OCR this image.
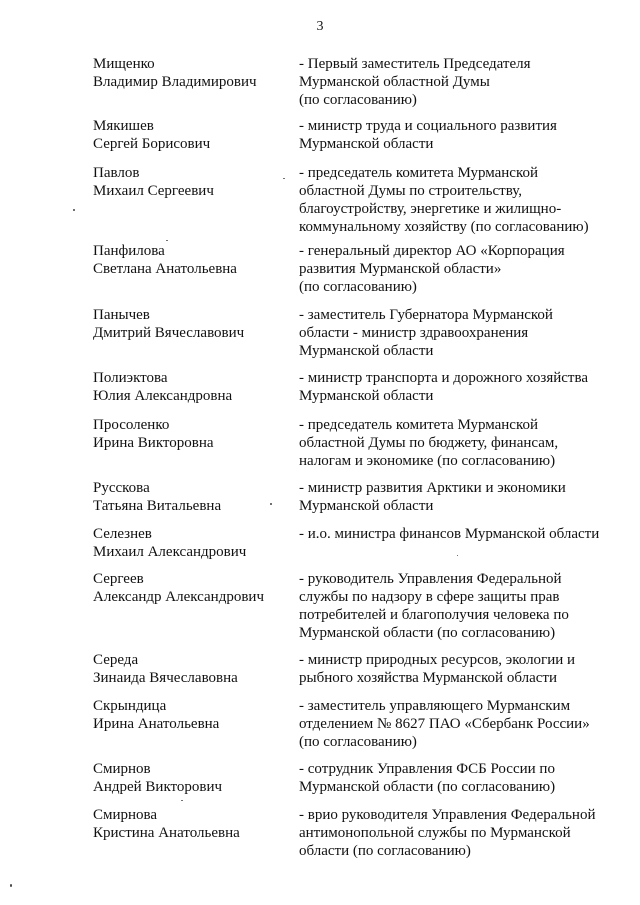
3
Мищенко
Владимир Владимирович
- Первый заместитель Председателя
Мурманской областной Думы
(по согласованию)
Мякишев
Сергей Борисович
- министр труда и социального развития
Мурманской области
Павлов
Михаил Сергеевич
- председатель комитета Мурманской
областной Думы по строительству,
благоустройству, энергетике и жилищно-
коммунальному хозяйству (по согласованию)
Панфилова
Светлана Анатольевна
- генеральный директор АО «Корпорация
развития Мурманской области»
(по согласованию)
Панычев
Дмитрий Вячеславович
- заместитель Губернатора Мурманской
области - министр здравоохранения
Мурманской области
Полиэктова
Юлия Александровна
- министр транспорта и дорожного хозяйства
Мурманской области
Просоленко
Ирина Викторовна
- председатель комитета Мурманской
областной Думы по бюджету, финансам,
налогам и экономике (по согласованию)
Русскова
Татьяна Витальевна
- министр развития Арктики и экономики
Мурманской области
Селезнев
Михаил Александрович
- и.о. министра финансов Мурманской области
Сергеев
Александр Александрович
- руководитель Управления Федеральной
службы по надзору в сфере защиты прав
потребителей и благополучия человека по
Мурманской области (по согласованию)
Середа
Зинаида Вячеславовна
- министр природных ресурсов, экологии и
рыбного хозяйства Мурманской области
Скрындица
Ирина Анатольевна
- заместитель управляющего Мурманским
отделением № 8627 ПАО «Сбербанк России»
(по согласованию)
Смирнов
Андрей Викторович
- сотрудник Управления ФСБ России по
Мурманской области (по согласованию)
Смирнова
Кристина Анатольевна
- врио руководителя Управления Федеральной
антимонопольной службы по Мурманской
области (по согласованию)
